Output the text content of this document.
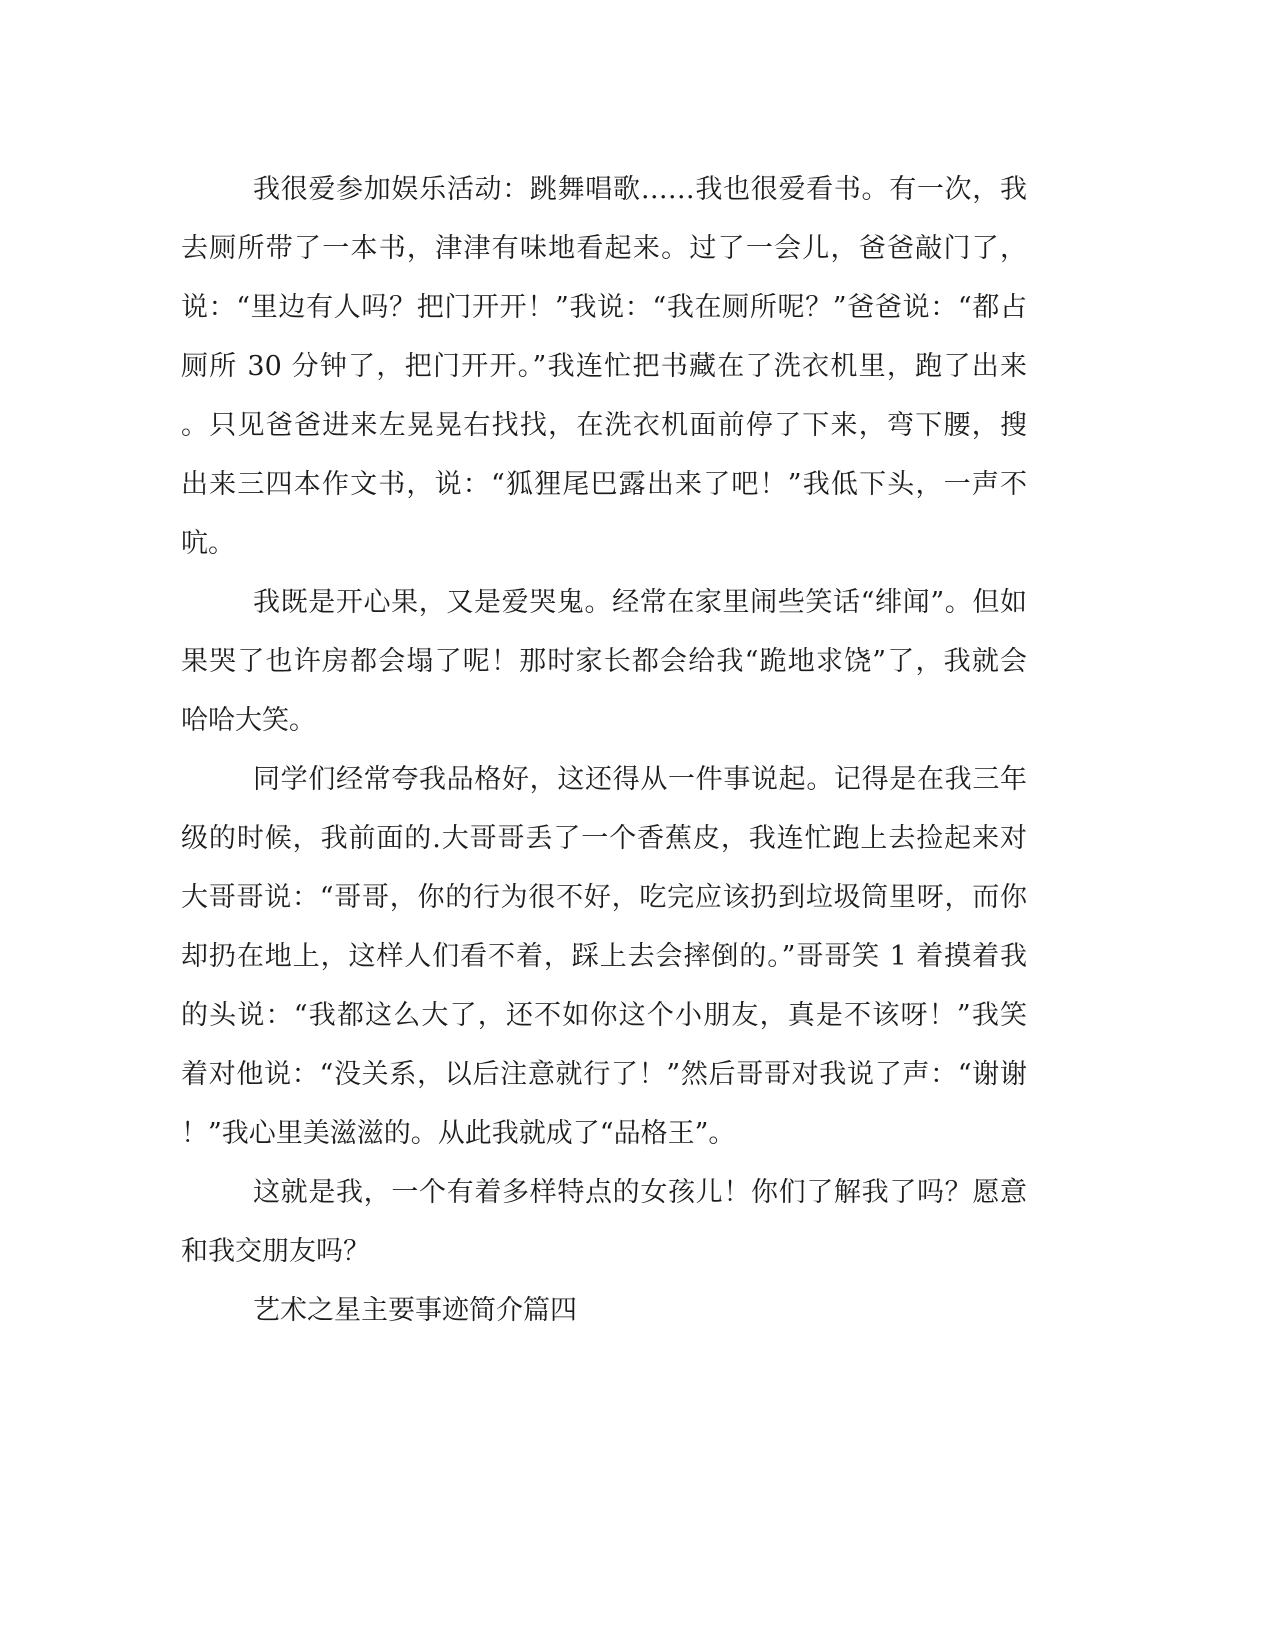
我很爱参加娱乐活动：跳舞唱歌……我也很爱看书。有一次，我
去厕所带了一本书，津津有味地看起来。过了一会儿，爸爸敲门了，
说：“里边有人吗？把门开开！”我说：“我在厕所呢？”爸爸说：“都占
厕所 30 分钟了，把门开开。”我连忙把书藏在了洗衣机里，跑了出来
。只见爸爸进来左晃晃右找找，在洗衣机面前停了下来，弯下腰，搜
出来三四本作文书，说：“狐狸尾巴露出来了吧！”我低下头，一声不
吭。
我既是开心果，又是爱哭鬼。经常在家里闹些笑话“绯闻”。但如
果哭了也许房都会塌了呢！那时家长都会给我“跪地求饶”了，我就会
哈哈大笑。
同学们经常夸我品格好，这还得从一件事说起。记得是在我三年
级的时候，我前面的.大哥哥丢了一个香蕉皮，我连忙跑上去捡起来对
大哥哥说：“哥哥，你的行为很不好，吃完应该扔到垃圾筒里呀，而你
却扔在地上，这样人们看不着，踩上去会摔倒的。”哥哥笑 1 着摸着我
的头说：“我都这么大了，还不如你这个小朋友，真是不该呀！”我笑
着对他说：“没关系，以后注意就行了！”然后哥哥对我说了声：“谢谢
！”我心里美滋滋的。从此我就成了“品格王”。
这就是我，一个有着多样特点的女孩儿！你们了解我了吗？愿意
和我交朋友吗？
艺术之星主要事迹简介篇四
